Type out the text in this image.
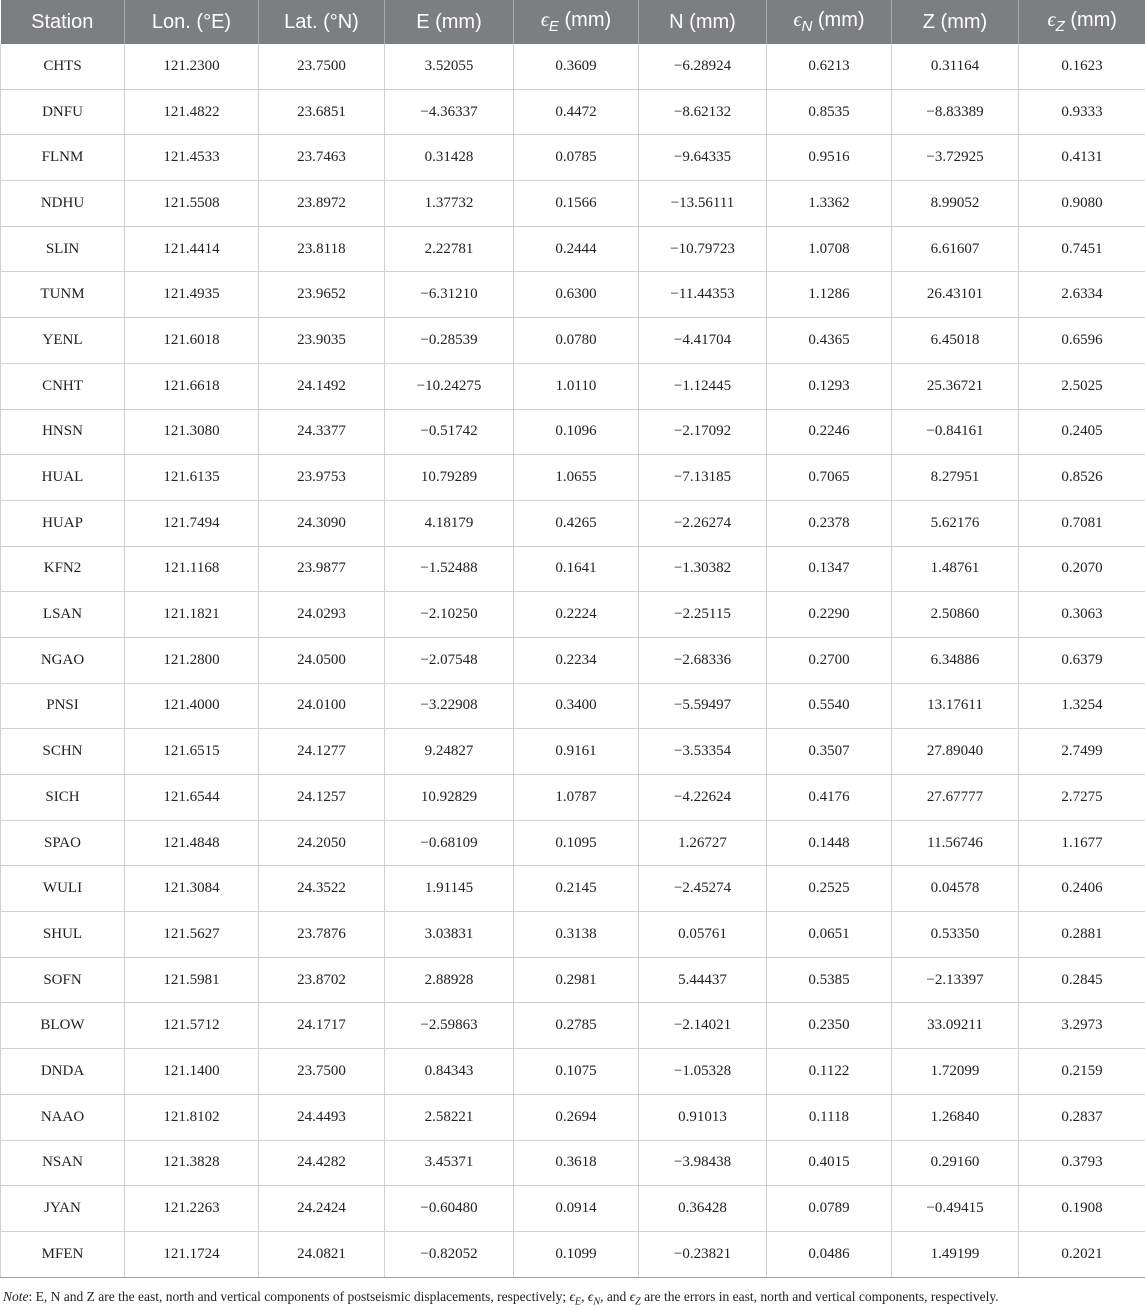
Station	Lon. (°E)	Lat. (°N)	E (mm)	$\epsilon_E$ (mm)	N (mm)	$\epsilon_N$ (mm)	Z (mm)	$\epsilon_Z$ (mm)
CHTS	121.2300	23.7500	3.52055	0.3609	−6.28924	0.6213	0.31164	0.1623
DNFU	121.4822	23.6851	−4.36337	0.4472	−8.62132	0.8535	−8.83389	0.9333
FLNM	121.4533	23.7463	0.31428	0.0785	−9.64335	0.9516	−3.72925	0.4131
NDHU	121.5508	23.8972	1.37732	0.1566	−13.56111	1.3362	8.99052	0.9080
SLIN	121.4414	23.8118	2.22781	0.2444	−10.79723	1.0708	6.61607	0.7451
TUNM	121.4935	23.9652	−6.31210	0.6300	−11.44353	1.1286	26.43101	2.6334
YENL	121.6018	23.9035	−0.28539	0.0780	−4.41704	0.4365	6.45018	0.6596
CNHT	121.6618	24.1492	−10.24275	1.0110	−1.12445	0.1293	25.36721	2.5025
HNSN	121.3080	24.3377	−0.51742	0.1096	−2.17092	0.2246	−0.84161	0.2405
HUAL	121.6135	23.9753	10.79289	1.0655	−7.13185	0.7065	8.27951	0.8526
HUAP	121.7494	24.3090	4.18179	0.4265	−2.26274	0.2378	5.62176	0.7081
KFN2	121.1168	23.9877	−1.52488	0.1641	−1.30382	0.1347	1.48761	0.2070
LSAN	121.1821	24.0293	−2.10250	0.2224	−2.25115	0.2290	2.50860	0.3063
NGAO	121.2800	24.0500	−2.07548	0.2234	−2.68336	0.2700	6.34886	0.6379
PNSI	121.4000	24.0100	−3.22908	0.3400	−5.59497	0.5540	13.17611	1.3254
SCHN	121.6515	24.1277	9.24827	0.9161	−3.53354	0.3507	27.89040	2.7499
SICH	121.6544	24.1257	10.92829	1.0787	−4.22624	0.4176	27.67777	2.7275
SPAO	121.4848	24.2050	−0.68109	0.1095	1.26727	0.1448	11.56746	1.1677
WULI	121.3084	24.3522	1.91145	0.2145	−2.45274	0.2525	0.04578	0.2406
SHUL	121.5627	23.7876	3.03831	0.3138	0.05761	0.0651	0.53350	0.2881
SOFN	121.5981	23.8702	2.88928	0.2981	5.44437	0.5385	−2.13397	0.2845
BLOW	121.5712	24.1717	−2.59863	0.2785	−2.14021	0.2350	33.09211	3.2973
DNDA	121.1400	23.7500	0.84343	0.1075	−1.05328	0.1122	1.72099	0.2159
NAAO	121.8102	24.4493	2.58221	0.2694	0.91013	0.1118	1.26840	0.2837
NSAN	121.3828	24.4282	3.45371	0.3618	−3.98438	0.4015	0.29160	0.3793
JYAN	121.2263	24.2424	−0.60480	0.0914	0.36428	0.0789	−0.49415	0.1908
MFEN	121.1724	24.0821	−0.82052	0.1099	−0.23821	0.0486	1.49199	0.2021
Note: E, N and Z are the east, north and vertical components of postseismic displacements, respectively; $\epsilon_E$, $\epsilon_N$, and $\epsilon_Z$ are the errors in east, north and vertical components, respectively.
